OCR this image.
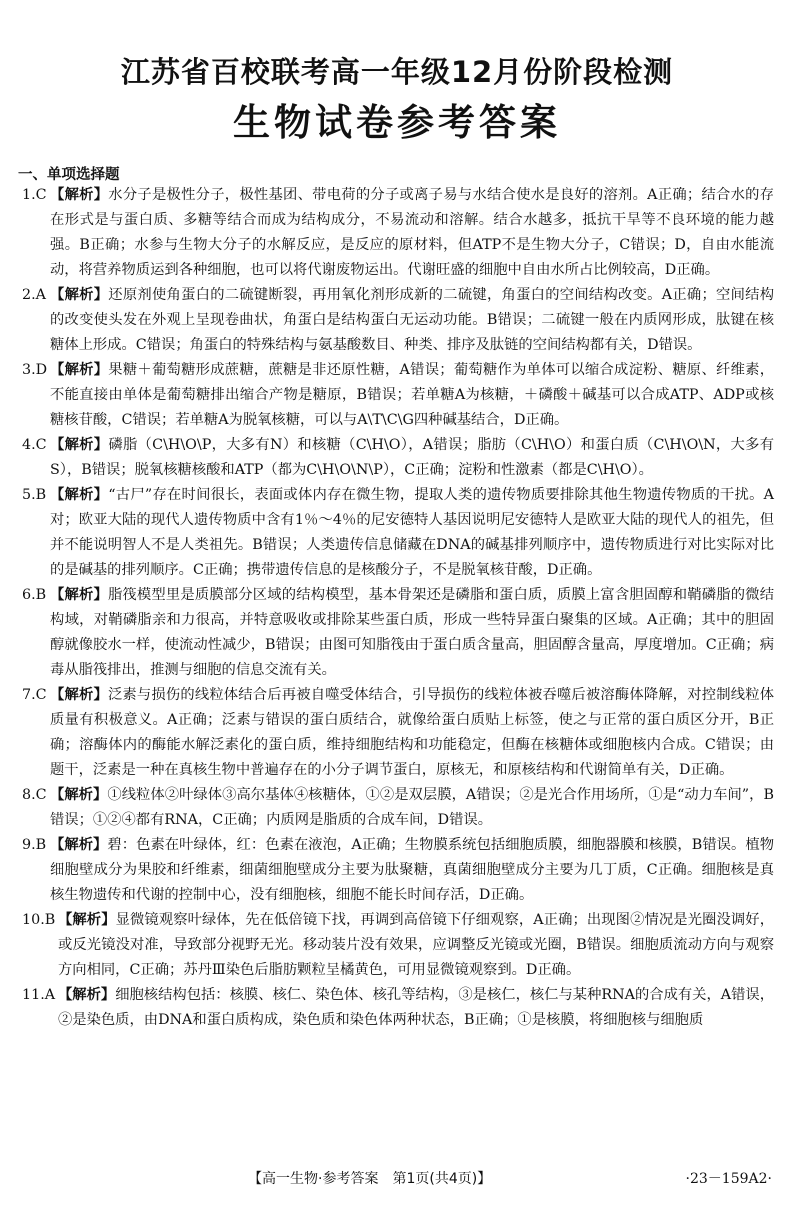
江苏省百校联考高一年级12月份阶段检测
生物试卷参考答案
一、单项选择题

1.C 【解析】水分子是极性分子，极性基团、带电荷的分子或离子易与水结合使水是良好的溶剂。A正确；结合水的存在形式是与蛋白质、多糖等结合而成为结构成分，不易流动和溶解。结合水越多，抵抗干旱等不良环境的能力越强。B正确；水参与生物大分子的水解反应，是反应的原材料，但ATP不是生物大分子，C错误；D，自由水能流动，将营养物质运到各种细胞，也可以将代谢废物运出。代谢旺盛的细胞中自由水所占比例较高，D正确。

2.A 【解析】还原剂使角蛋白的二硫键断裂，再用氧化剂形成新的二硫键，角蛋白的空间结构改变。A正确；空间结构的改变使头发在外观上呈现卷曲状，角蛋白是结构蛋白无运动功能。B错误；二硫键一般在内质网形成，肽键在核糖体上形成。C错误；角蛋白的特殊结构与氨基酸数目、种类、排序及肽链的空间结构都有关，D错误。

3.D 【解析】果糖＋葡萄糖形成蔗糖，蔗糖是非还原性糖，A错误；葡萄糖作为单体可以缩合成淀粉、糖原、纤维素，不能直接由单体是葡萄糖排出缩合产物是糖原，B错误；若单糖A为核糖，＋磷酸＋碱基可以合成ATP、ADP或核糖核苷酸，C错误；若单糖A为脱氧核糖，可以与A\T\C\G四种碱基结合，D正确。

4.C 【解析】磷脂（C\H\O\P，大多有N）和核糖（C\H\O），A错误；脂肪（C\H\O）和蛋白质（C\H\O\N，大多有S），B错误；脱氧核糖核酸和ATP（都为C\H\O\N\P），C正确；淀粉和性激素（都是C\H\O）。

5.B 【解析】“古尸”存在时间很长，表面或体内存在微生物，提取人类的遗传物质要排除其他生物遗传物质的干扰。A对；欧亚大陆的现代人遗传物质中含有1％～4％的尼安德特人基因说明尼安德特人是欧亚大陆的现代人的祖先，但并不能说明智人不是人类祖先。B错误；人类遗传信息储藏在DNA的碱基排列顺序中，遗传物质进行对比实际对比的是碱基的排列顺序。C正确；携带遗传信息的是核酸分子，不是脱氧核苷酸，D正确。

6.B 【解析】脂筏模型里是质膜部分区域的结构模型，基本骨架还是磷脂和蛋白质，质膜上富含胆固醇和鞘磷脂的微结构域，对鞘磷脂亲和力很高，并特意吸收或排除某些蛋白质，形成一些特异蛋白聚集的区域。A正确；其中的胆固醇就像胶水一样，使流动性减少，B错误；由图可知脂筏由于蛋白质含量高，胆固醇含量高，厚度增加。C正确；病毒从脂筏排出，推测与细胞的信息交流有关。

7.C 【解析】泛素与损伤的线粒体结合后再被自噬受体结合，引导损伤的线粒体被吞噬后被溶酶体降解，对控制线粒体质量有积极意义。A正确；泛素与错误的蛋白质结合，就像给蛋白质贴上标签，使之与正常的蛋白质区分开，B正确；溶酶体内的酶能水解泛素化的蛋白质，维持细胞结构和功能稳定，但酶在核糖体或细胞核内合成。C错误；由题干，泛素是一种在真核生物中普遍存在的小分子调节蛋白，原核无，和原核结构和代谢简单有关，D正确。

8.C 【解析】①线粒体②叶绿体③高尔基体④核糖体，①②是双层膜，A错误；②是光合作用场所，①是“动力车间”，B错误；①②④都有RNA，C正确；内质网是脂质的合成车间，D错误。

9.B 【解析】碧：色素在叶绿体，红：色素在液泡，A正确；生物膜系统包括细胞质膜，细胞器膜和核膜，B错误。植物细胞壁成分为果胶和纤维素，细菌细胞壁成分主要为肽聚糖，真菌细胞壁成分主要为几丁质，C正确。细胞核是真核生物遗传和代谢的控制中心，没有细胞核，细胞不能长时间存活，D正确。

10.B 【解析】显微镜观察叶绿体，先在低倍镜下找，再调到高倍镜下仔细观察，A正确；出现图②情况是光圈没调好，或反光镜没对准，导致部分视野无光。移动装片没有效果，应调整反光镜或光圈，B错误。细胞质流动方向与观察方向相同，C正确；苏丹Ⅲ染色后脂肪颗粒呈橘黄色，可用显微镜观察到。D正确。

11.A 【解析】细胞核结构包括：核膜、核仁、染色体、核孔等结构，③是核仁，核仁与某种RNA的合成有关，A错误，②是染色质，由DNA和蛋白质构成，染色质和染色体两种状态，B正确；①是核膜，将细胞核与细胞质

【高一生物·参考答案　第1页(共4页)】	·23－159A2·
